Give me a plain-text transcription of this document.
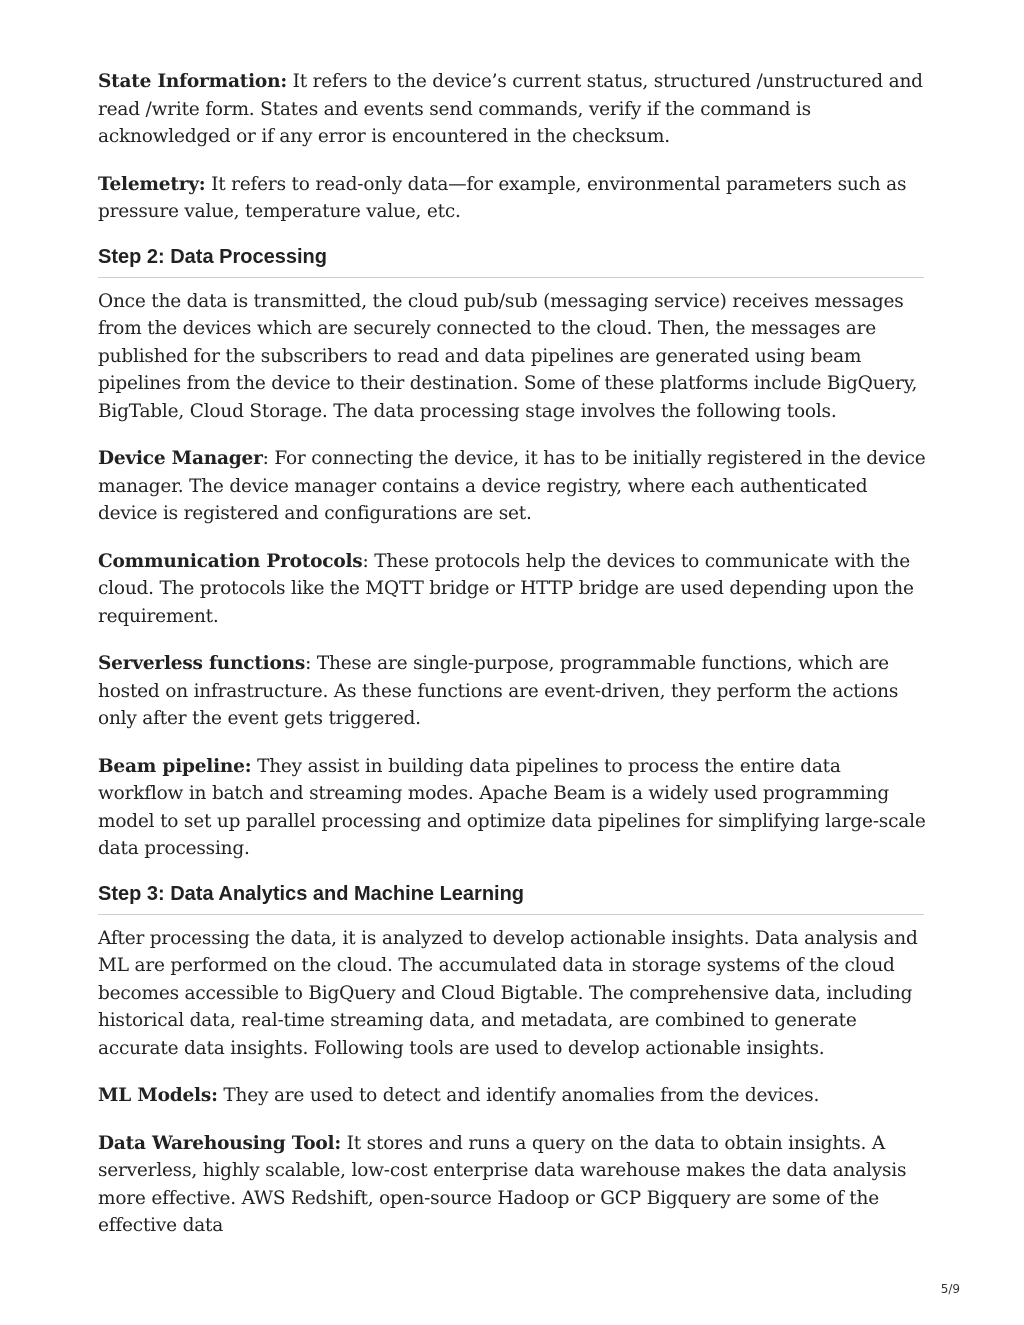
State Information: It refers to the device’s current status, structured /unstructured and read /write form. States and events send commands, verify if the command is acknowledged or if any error is encountered in the checksum.

Telemetry: It refers to read-only data—for example, environmental parameters such as pressure value, temperature value, etc.

Step 2: Data Processing

Once the data is transmitted, the cloud pub/sub (messaging service) receives messages from the devices which are securely connected to the cloud. Then, the messages are published for the subscribers to read and data pipelines are generated using beam pipelines from the device to their destination. Some of these platforms include BigQuery, BigTable, Cloud Storage. The data processing stage involves the following tools.

Device Manager: For connecting the device, it has to be initially registered in the device manager. The device manager contains a device registry, where each authenticated device is registered and configurations are set.

Communication Protocols: These protocols help the devices to communicate with the cloud. The protocols like the MQTT bridge or HTTP bridge are used depending upon the requirement.

Serverless functions: These are single-purpose, programmable functions, which are hosted on infrastructure. As these functions are event-driven, they perform the actions only after the event gets triggered.

Beam pipeline: They assist in building data pipelines to process the entire data workflow in batch and streaming modes. Apache Beam is a widely used programming model to set up parallel processing and optimize data pipelines for simplifying large-scale data processing.

Step 3: Data Analytics and Machine Learning

After processing the data, it is analyzed to develop actionable insights. Data analysis and ML are performed on the cloud. The accumulated data in storage systems of the cloud becomes accessible to BigQuery and Cloud Bigtable. The comprehensive data, including historical data, real-time streaming data, and metadata, are combined to generate accurate data insights. Following tools are used to develop actionable insights.

ML Models: They are used to detect and identify anomalies from the devices.

Data Warehousing Tool: It stores and runs a query on the data to obtain insights. A serverless, highly scalable, low-cost enterprise data warehouse makes the data analysis more effective. AWS Redshift, open-source Hadoop or GCP Bigquery are some of the effective data

5/9
